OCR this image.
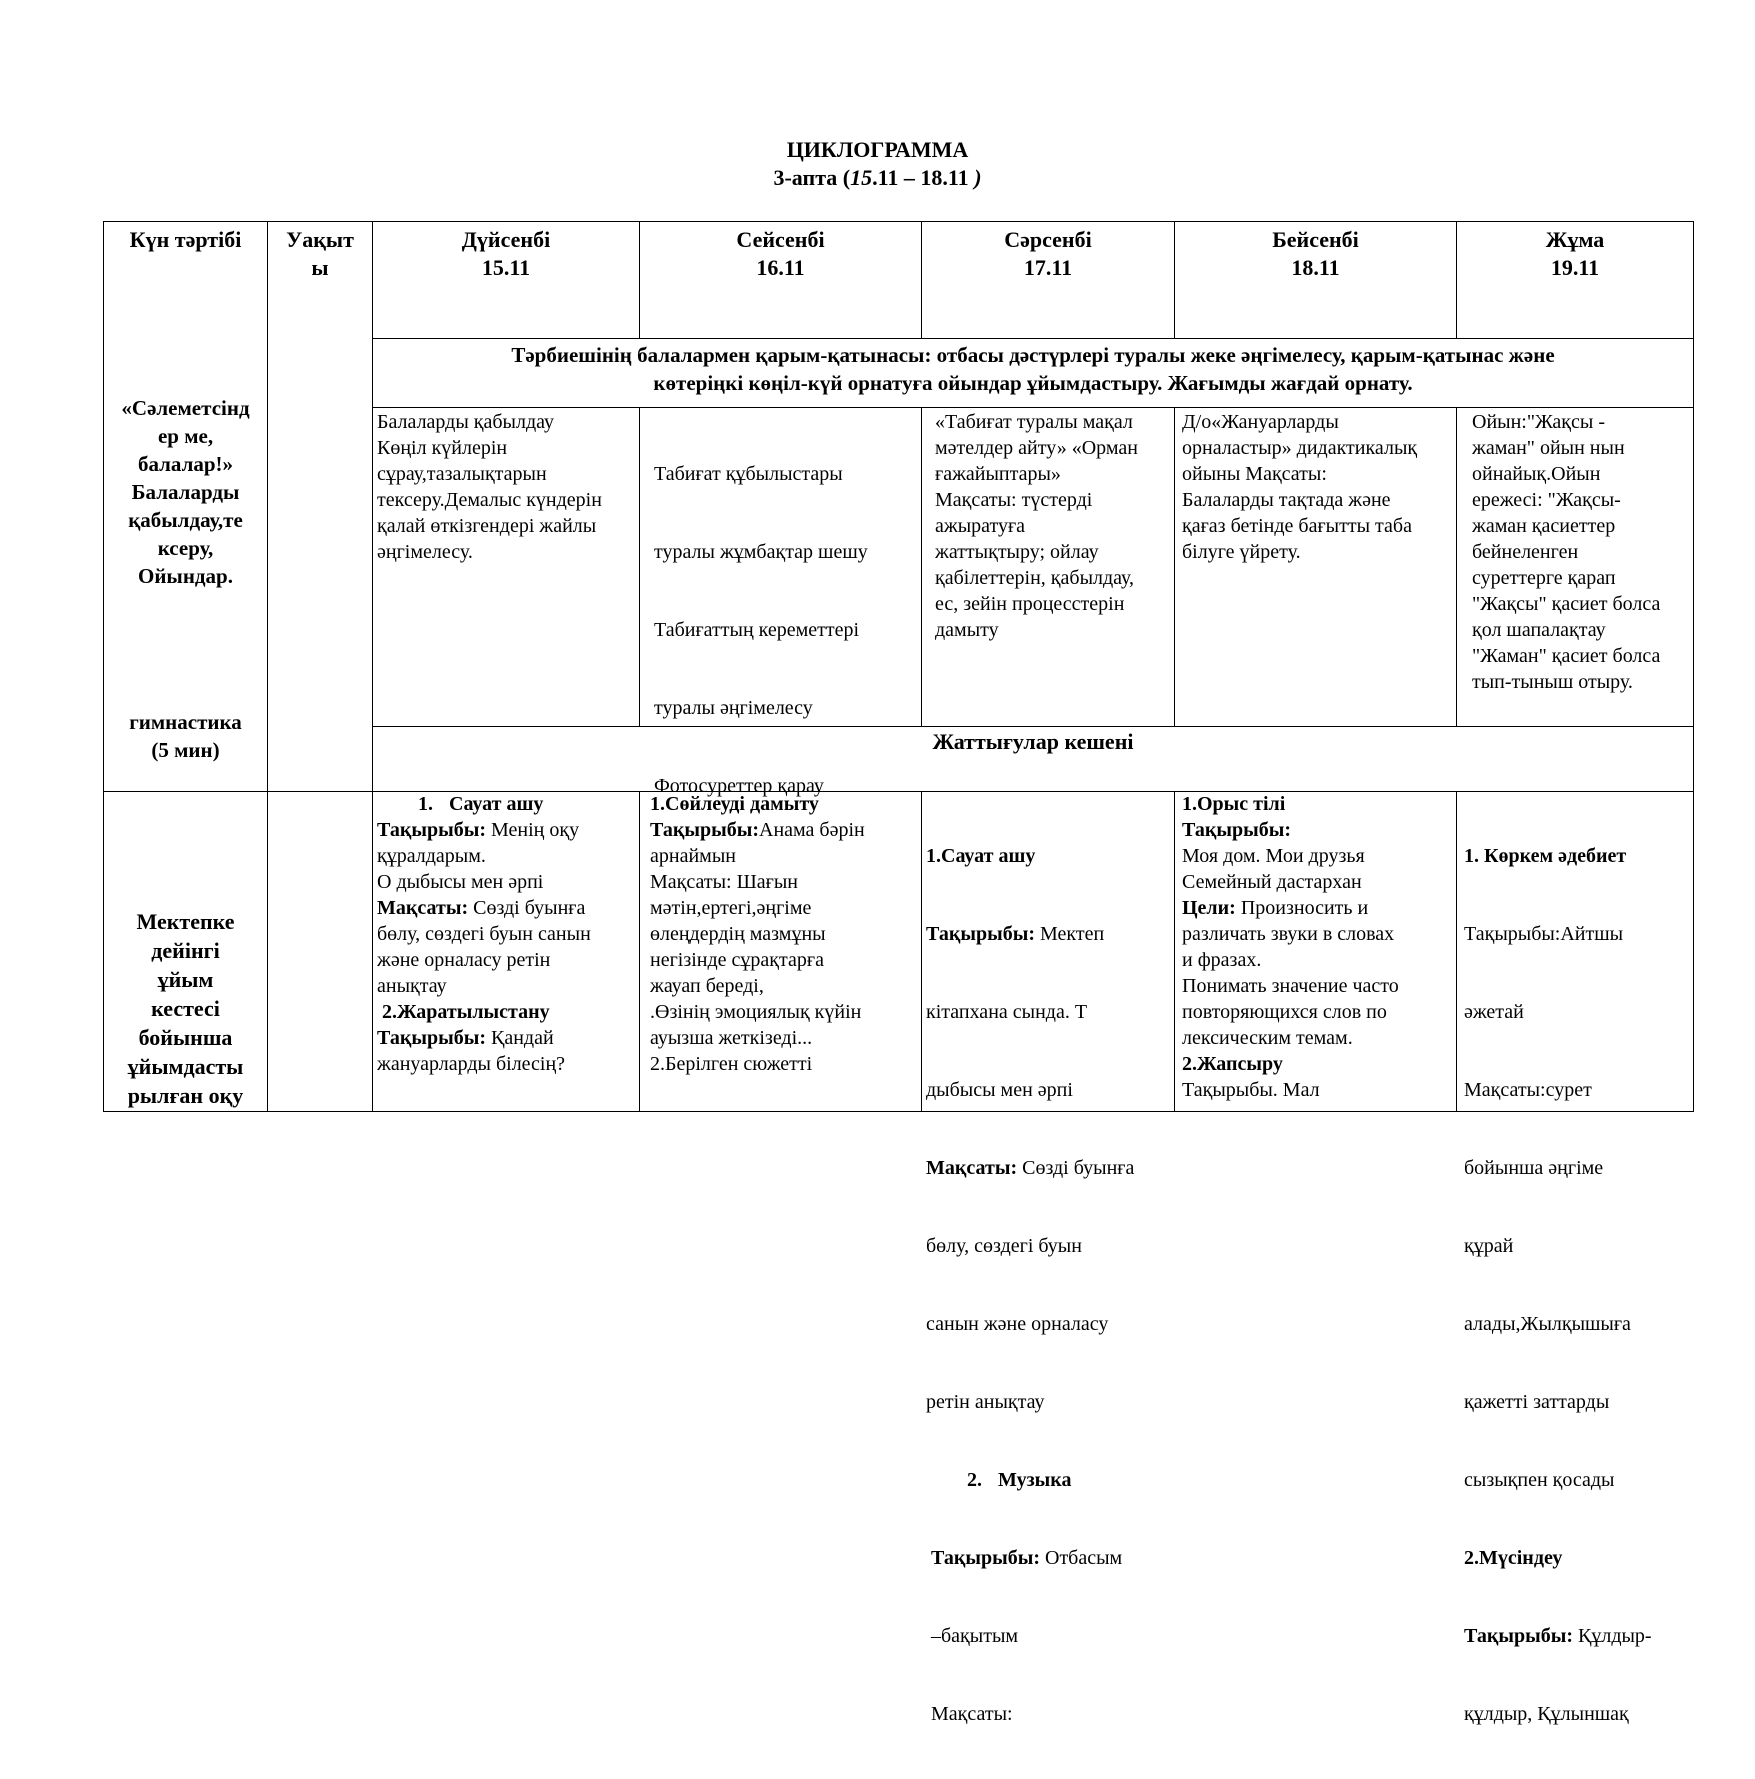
ЦИКЛОГРАММА
3-апта (15.11 – 18.11 )
Күн тәртібі	Уақыт
ы
Дүйсенбі
15.11
Сейсенбі
16.11
Сәрсенбі
17.11
Бейсенбі
18.11
Жұма
19.11
«Сәлеметсінд
ер ме,
балалар!»
Балаларды
қабылдау,те
ксеру,
Ойындар.
гимнастика
(5 мин)
Тәрбиешінің балалармен қарым-қатынасы: отбасы дәстүрлері туралы жеке әңгімелесу, қарым-қатынас және
көтеріңкі көңіл-күй орнатуға ойындар ұйымдастыру. Жағымды жағдай орнату.
Балаларды қабылдау
Көңіл күйлерін
сұрау,тазалықтарын
тексеру.Демалыс күндерін
қалай өткізгендері жайлы
әңгімелесу.

Табиғат құбылыстары

туралы жұмбақтар шешу

Табиғаттың кереметтері

туралы әңгімелесу

Фотосуреттер қарау

«Табиғат туралы мақал
мәтелдер айту» «Орман
ғажайыптары»
Мақсаты: түстерді
ажыратуға
жаттықтыру; ойлау
қабілеттерін, қабылдау,
ес, зейін процесстерін
дамыту
Д/о«Жануарларды
орналастыр» дидактикалық
ойыны Мақсаты:
Балаларды тақтада және
қағаз бетінде бағытты таба
білуге үйрету.
Ойын:"Жақсы -
жаман" ойын нын
ойнайық.Ойын
ережесі: "Жақсы-
жаман қасиеттер
бейнеленген
суреттерге қарап
"Жақсы" қасиет болса
қол шапалақтау
"Жаман" қасиет болса
тып-тыныш отыру.
Жаттығулар кешені
Мектепке
дейінгі
ұйым
кестесі
бойынша
ұйымдасты
рылған оқу
1. Сауат ашу
Тақырыбы: Менің оқу
құралдарым.
О дыбысы мен әрпі
Мақсаты: Сөзді буынға
бөлу, сөздегі буын санын
және орналасу ретін
анықтау
2.Жаратылыстану
Тақырыбы: Қандай
жануарларды білесің?
1.Сөйлеуді дамыту
Тақырыбы:Анама бәрін
арнаймын
Мақсаты: Шағын
мәтін,ертегі,әңгіме
өлеңдердің мазмұны
негізінде сұрақтарға
жауап береді,
.Өзінің эмоциялық күйін
ауызша жеткізеді...
2.Берілген сюжетті

1.Сауат ашу

Тақырыбы: Мектеп

кітапхана сында. Т

дыбысы мен әрпі

Мақсаты: Сөзді буынға

бөлу, сөздегі буын

санын және орналасу

ретін анықтау

2. Музыка

Тақырыбы: Отбасым

–бақытым

Мақсаты:

1.Орыс тілі
Тақырыбы:
Моя дом. Мои друзья
Семейный дастархан
Цели: Произносить и
различать звуки в словах
и фразах.
Понимать значение часто
повторяющихся слов по
лексическим темам.
2.Жапсыру
Тақырыбы. Мал

1. Көркем әдебиет

Тақырыбы:Айтшы

әжетай

Мақсаты:сурет

бойынша әңгіме

құрай

алады,Жылқышыға

қажетті заттарды

сызықпен қосады

2.Мүсіндеу

Тақырыбы: Құлдыр-

құлдыр, Құлыншақ
